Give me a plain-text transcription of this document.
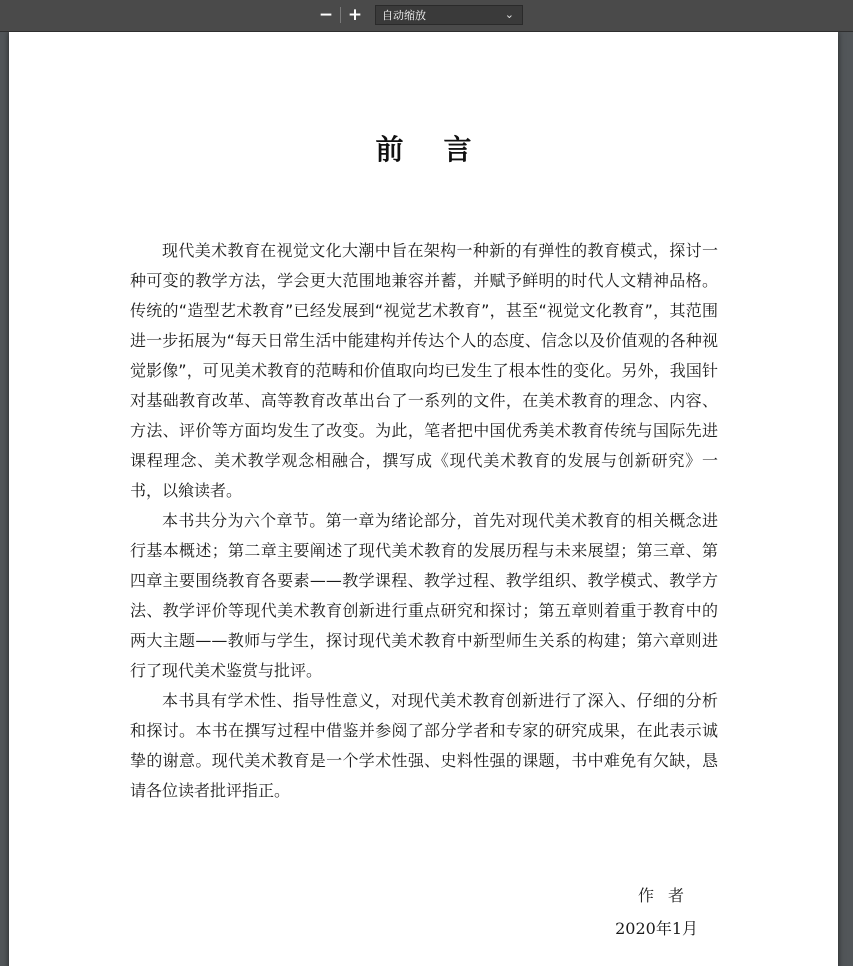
− +	自动缩放	⌄
前言

现代美术教育在视觉文化大潮中旨在架构一种新的有弹性的教育模式，探讨一种可变的教学方法，学会更大范围地兼容并蓄，并赋予鲜明的时代人文精神品格。传统的“造型艺术教育”已经发展到“视觉艺术教育”，甚至“视觉文化教育”，其范围进一步拓展为“每天日常生活中能建构并传达个人的态度、信念以及价值观的各种视觉影像”，可见美术教育的范畴和价值取向均已发生了根本性的变化。另外，我国针对基础教育改革、高等教育改革出台了一系列的文件，在美术教育的理念、内容、方法、评价等方面均发生了改变。为此，笔者把中国优秀美术教育传统与国际先进课程理念、美术教学观念相融合，撰写成《现代美术教育的发展与创新研究》一书，以飨读者。

本书共分为六个章节。第一章为绪论部分，首先对现代美术教育的相关概念进行基本概述；第二章主要阐述了现代美术教育的发展历程与未来展望；第三章、第四章主要围绕教育各要素——教学课程、教学过程、教学组织、教学模式、教学方法、教学评价等现代美术教育创新进行重点研究和探讨；第五章则着重于教育中的两大主题——教师与学生，探讨现代美术教育中新型师生关系的构建；第六章则进行了现代美术鉴赏与批评。

本书具有学术性、指导性意义，对现代美术教育创新进行了深入、仔细的分析和探讨。本书在撰写过程中借鉴并参阅了部分学者和专家的研究成果，在此表示诚挚的谢意。现代美术教育是一个学术性强、史料性强的课题，书中难免有欠缺，恳请各位读者批评指正。

作者
2020年1月
